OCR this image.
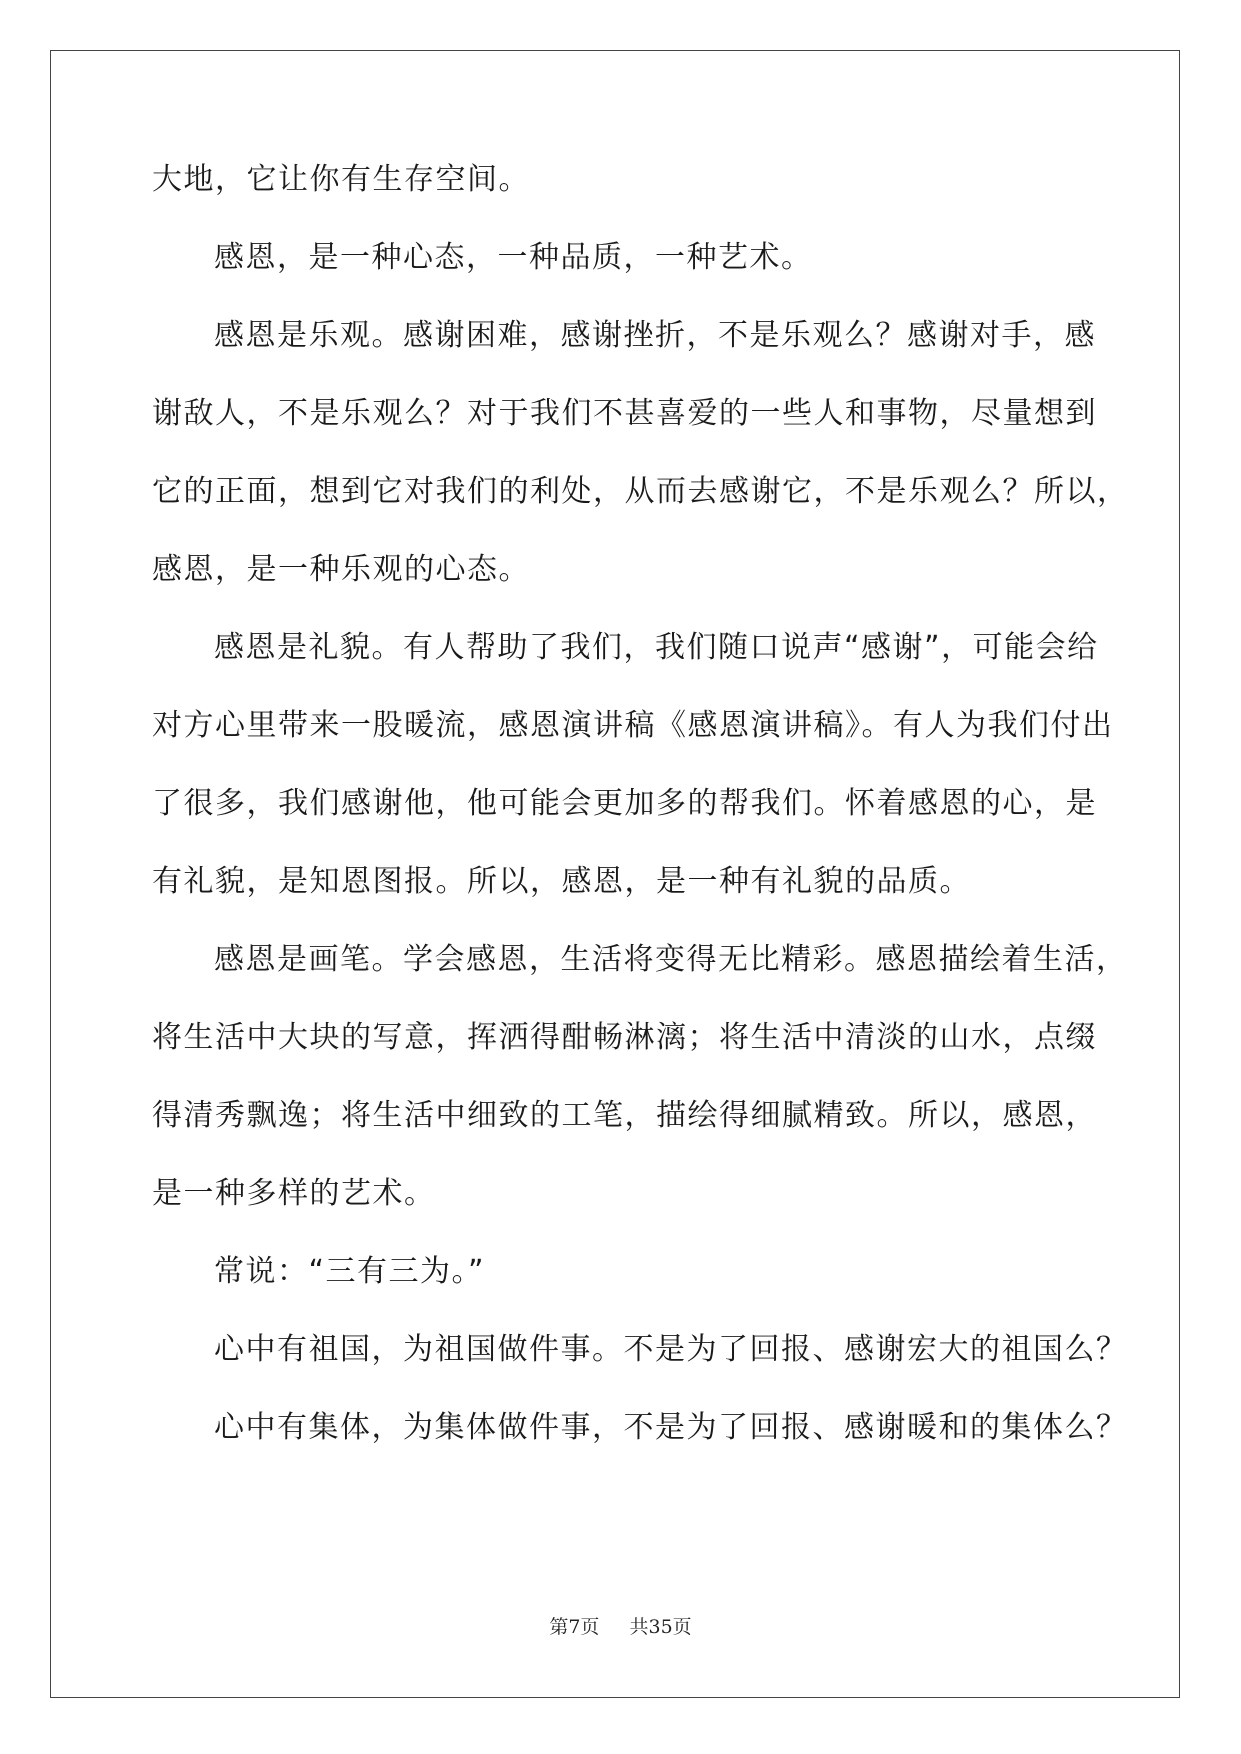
大地，它让你有生存空间。
感恩，是一种心态，一种品质，一种艺术。
感恩是乐观。感谢困难，感谢挫折，不是乐观么？感谢对手，感
谢敌人，不是乐观么？对于我们不甚喜爱的一些人和事物，尽量想到
它的正面，想到它对我们的利处，从而去感谢它，不是乐观么？所以，
感恩，是一种乐观的心态。
感恩是礼貌。有人帮助了我们，我们随口说声“感谢”，可能会给
对方心里带来一股暖流，感恩演讲稿《感恩演讲稿》。有人为我们付出
了很多，我们感谢他，他可能会更加多的帮我们。怀着感恩的心，是
有礼貌，是知恩图报。所以，感恩，是一种有礼貌的品质。
感恩是画笔。学会感恩，生活将变得无比精彩。感恩描绘着生活，
将生活中大块的写意，挥洒得酣畅淋漓；将生活中清淡的山水，点缀
得清秀飘逸；将生活中细致的工笔，描绘得细腻精致。所以，感恩，
是一种多样的艺术。
常说：“三有三为。”
心中有祖国，为祖国做件事。不是为了回报、感谢宏大的祖国么？
心中有集体，为集体做件事，不是为了回报、感谢暖和的集体么？
第7页 共35页
